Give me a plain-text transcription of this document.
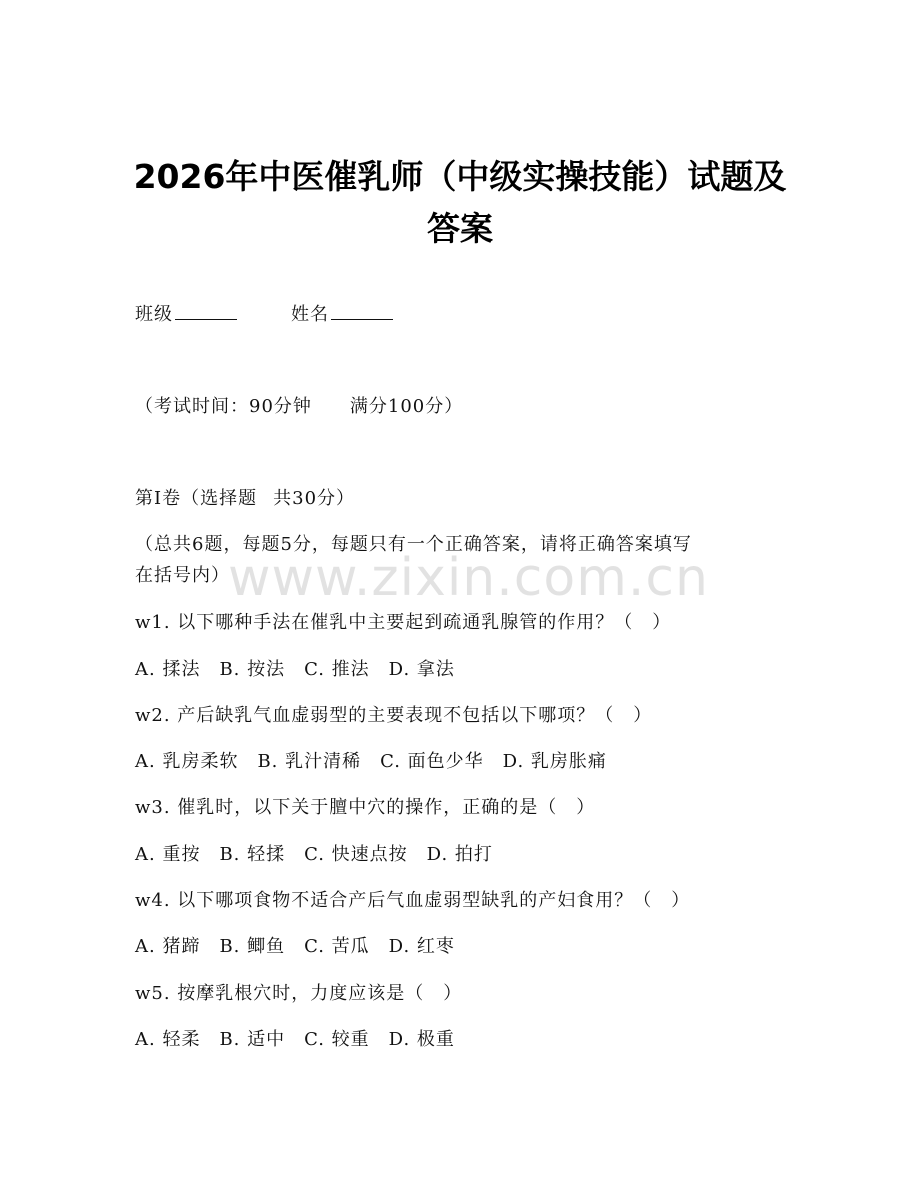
2026年中医催乳师（中级实操技能）试题及
答案
班级	姓名
（考试时间：90分钟 满分100分）
第I卷（选择题 共30分）
（总共6题，每题5分，每题只有一个正确答案，请将正确答案填写
在括号内）
w1. 以下哪种手法在催乳中主要起到疏通乳腺管的作用？（　）
A. 揉法　B. 按法　C. 推法　D. 拿法
w2. 产后缺乳气血虚弱型的主要表现不包括以下哪项？（　）
A. 乳房柔软　B. 乳汁清稀　C. 面色少华　D. 乳房胀痛
w3. 催乳时，以下关于膻中穴的操作，正确的是（　）
A. 重按　B. 轻揉　C. 快速点按　D. 拍打
w4. 以下哪项食物不适合产后气血虚弱型缺乳的产妇食用？（　）
A. 猪蹄　B. 鲫鱼　C. 苦瓜　D. 红枣
w5. 按摩乳根穴时，力度应该是（　）
A. 轻柔　B. 适中　C. 较重　D. 极重
www.zixin.com.cn
